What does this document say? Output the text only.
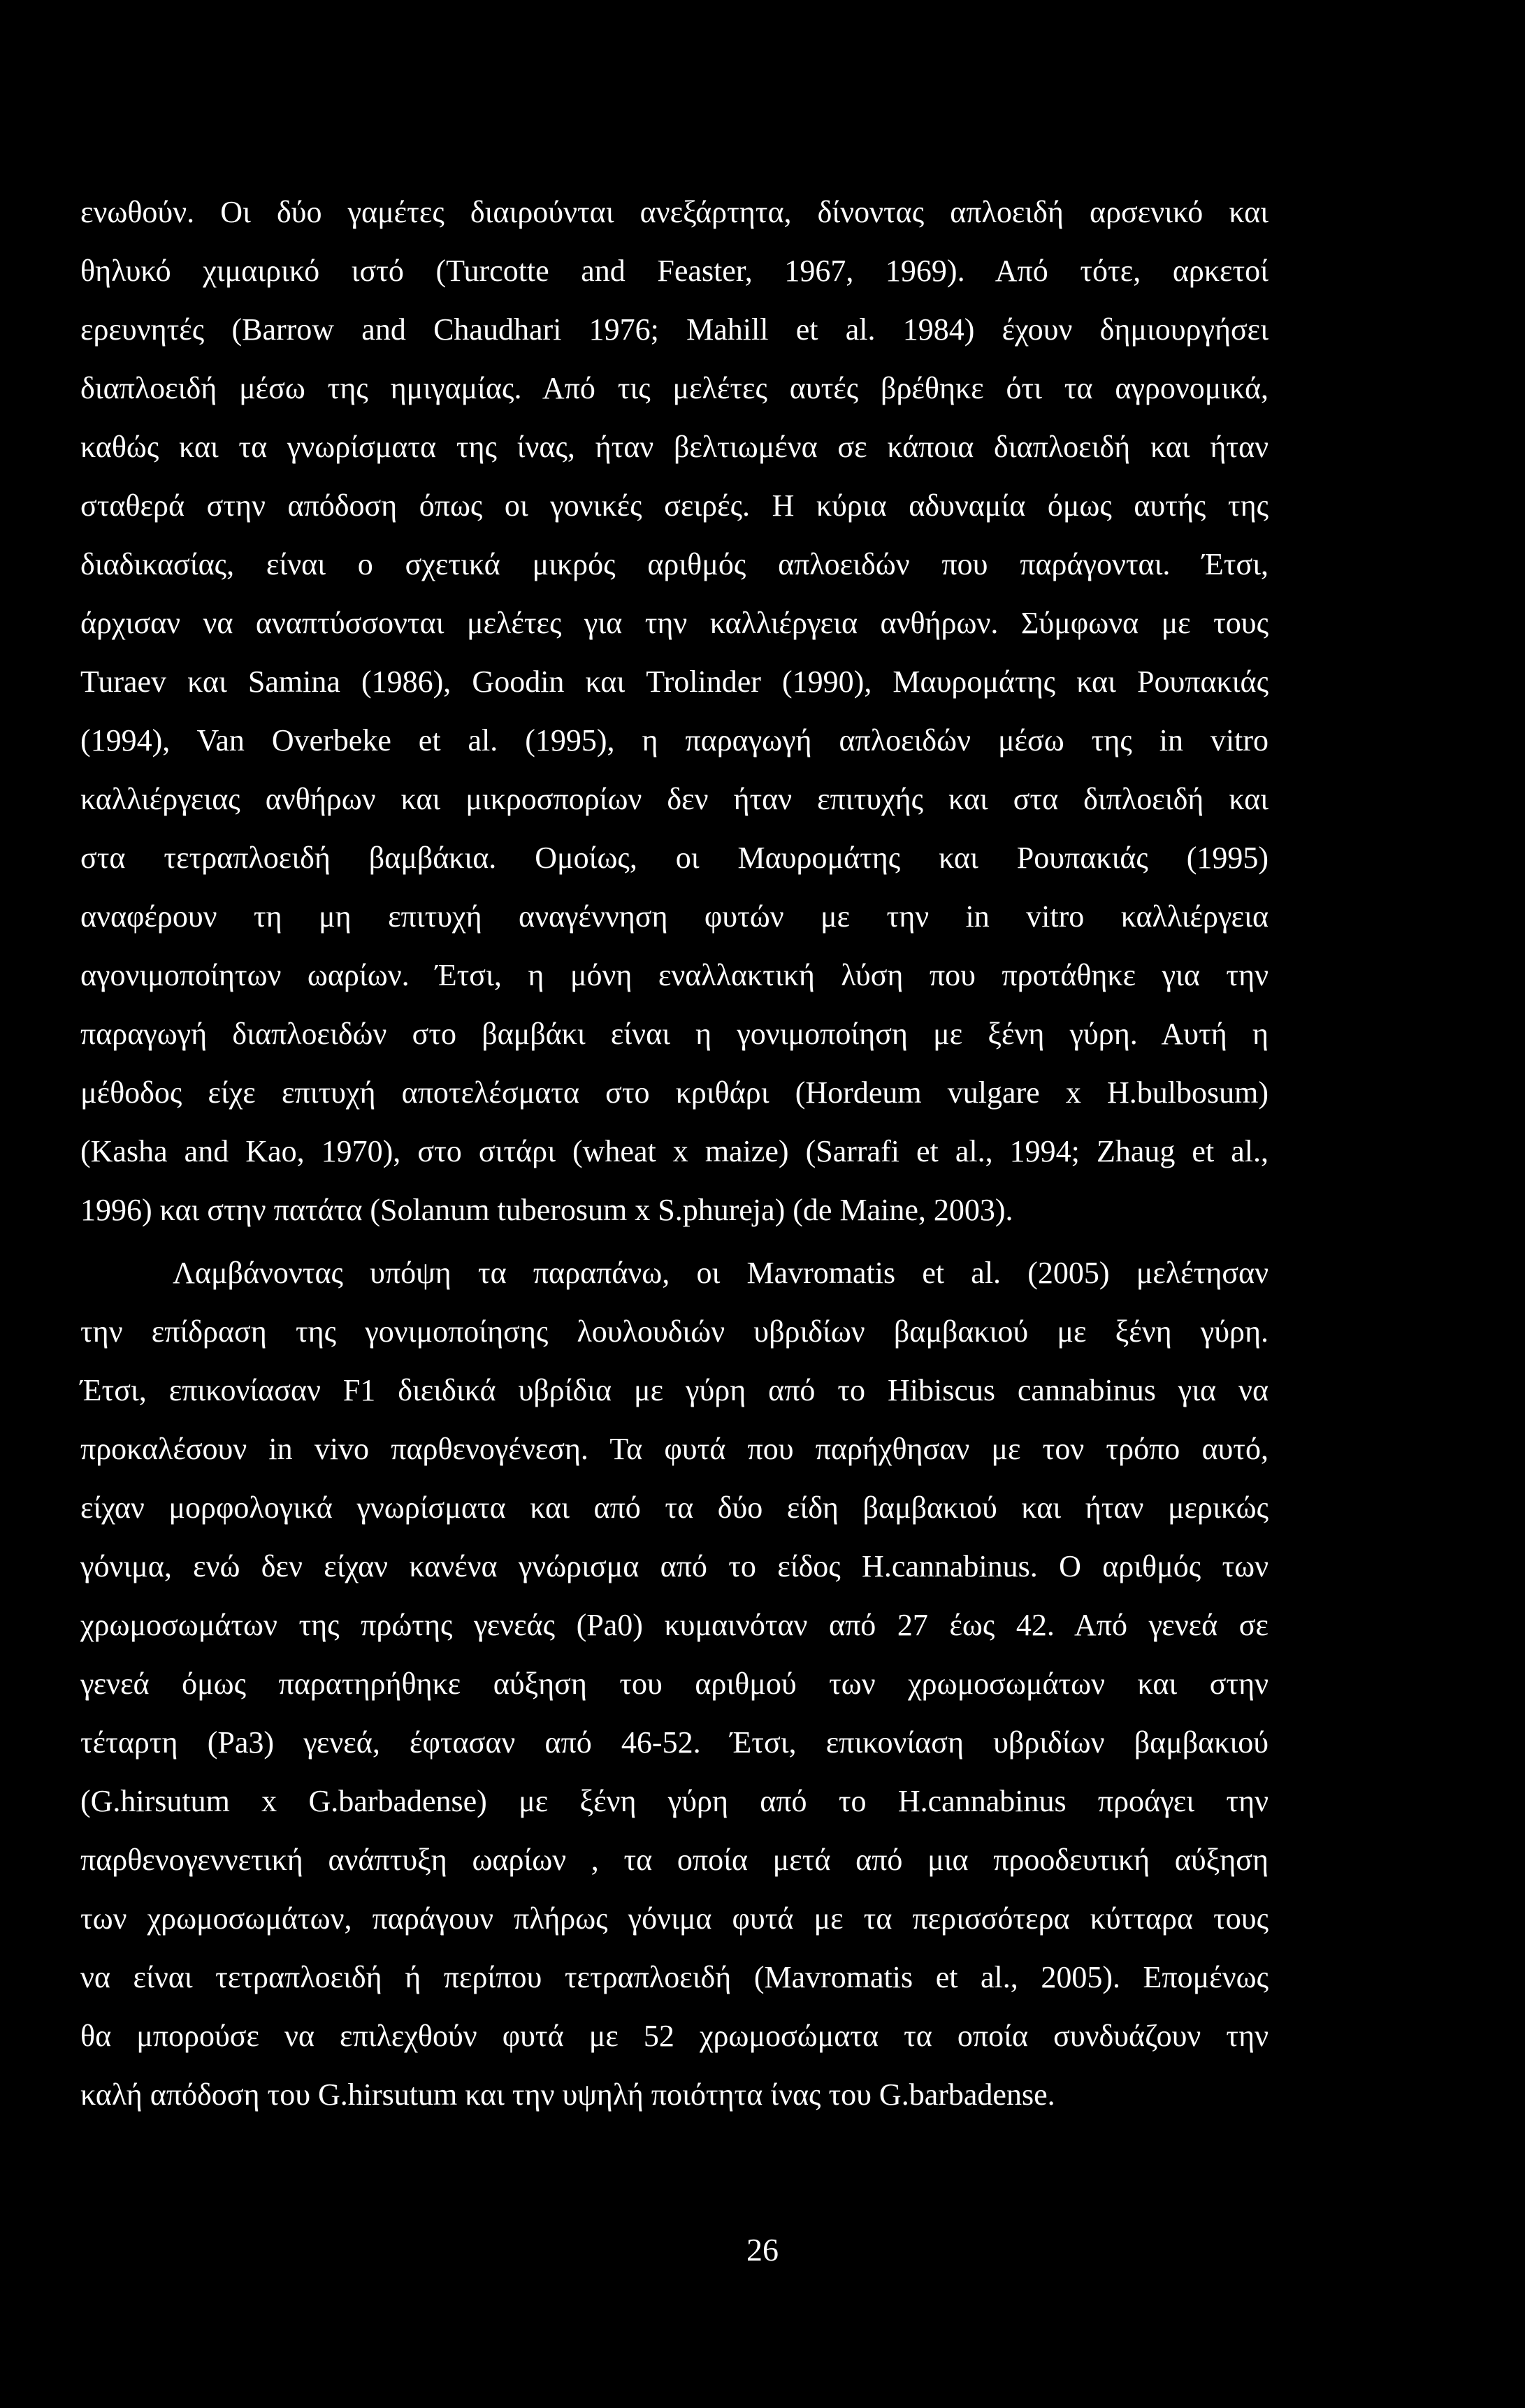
ενωθούν. Οι δύο γαμέτες διαιρούνται ανεξάρτητα, δίνοντας απλοειδή αρσενικό και
θηλυκό χιμαιρικό ιστό (Turcotte and Feaster, 1967, 1969). Από τότε, αρκετοί
ερευνητές (Barrow and Chaudhari 1976; Mahill et al. 1984) έχουν δημιουργήσει
διαπλοειδή μέσω της ημιγαμίας. Από τις μελέτες αυτές βρέθηκε ότι τα αγρονομικά,
καθώς και τα γνωρίσματα της ίνας, ήταν βελτιωμένα σε κάποια διαπλοειδή και ήταν
σταθερά στην απόδοση όπως οι γονικές σειρές. Η κύρια αδυναμία όμως αυτής της
διαδικασίας, είναι ο σχετικά μικρός αριθμός απλοειδών που παράγονται. Έτσι,
άρχισαν να αναπτύσσονται μελέτες για την καλλιέργεια ανθήρων. Σύμφωνα με τους
Turaev και Samina (1986), Goodin και Trolinder (1990), Μαυρομάτης και Ρουπακιάς
(1994), Van Overbeke et al. (1995), η παραγωγή απλοειδών μέσω της in vitro
καλλιέργειας ανθήρων και μικροσπορίων δεν ήταν επιτυχής και στα διπλοειδή και
στα τετραπλοειδή βαμβάκια. Ομοίως, οι Μαυρομάτης και Ρουπακιάς (1995)
αναφέρουν τη μη επιτυχή αναγέννηση φυτών με την in vitro καλλιέργεια
αγονιμοποίητων ωαρίων. Έτσι, η μόνη εναλλακτική λύση που προτάθηκε για την
παραγωγή διαπλοειδών στο βαμβάκι είναι η γονιμοποίηση με ξένη γύρη. Αυτή η
μέθοδος είχε επιτυχή αποτελέσματα στο κριθάρι (Hordeum vulgare x H.bulbosum)
(Kasha and Kao, 1970), στο σιτάρι (wheat x maize) (Sarrafi et al., 1994; Zhaug et al.,
1996) και στην πατάτα (Solanum tuberosum x S.phureja) (de Maine, 2003).
Λαμβάνοντας υπόψη τα παραπάνω, οι Mavromatis et al. (2005) μελέτησαν
την επίδραση της γονιμοποίησης λουλουδιών υβριδίων βαμβακιού με ξένη γύρη.
Έτσι, επικονίασαν F1 διειδικά υβρίδια με γύρη από το Hibiscus cannabinus για να
προκαλέσουν in vivo παρθενογένεση. Τα φυτά που παρήχθησαν με τον τρόπο αυτό,
είχαν μορφολογικά γνωρίσματα και από τα δύο είδη βαμβακιού και ήταν μερικώς
γόνιμα, ενώ δεν είχαν κανένα γνώρισμα από το είδος H.cannabinus. Ο αριθμός των
χρωμοσωμάτων της πρώτης γενεάς (Pa0) κυμαινόταν από 27 έως 42. Από γενεά σε
γενεά όμως παρατηρήθηκε αύξηση του αριθμού των χρωμοσωμάτων και στην
τέταρτη (Pa3) γενεά, έφτασαν από 46-52. Έτσι, επικονίαση υβριδίων βαμβακιού
(G.hirsutum x G.barbadense) με ξένη γύρη από το H.cannabinus προάγει την
παρθενογεννετική ανάπτυξη ωαρίων , τα οποία μετά από μια προοδευτική αύξηση
των χρωμοσωμάτων, παράγουν πλήρως γόνιμα φυτά με τα περισσότερα κύτταρα τους
να είναι τετραπλοειδή ή περίπου τετραπλοειδή (Mavromatis et al., 2005). Επομένως
θα μπορούσε να επιλεχθούν φυτά με 52 χρωμοσώματα τα οποία συνδυάζουν την
καλή απόδοση του G.hirsutum και την υψηλή ποιότητα ίνας του G.barbadense.
26
